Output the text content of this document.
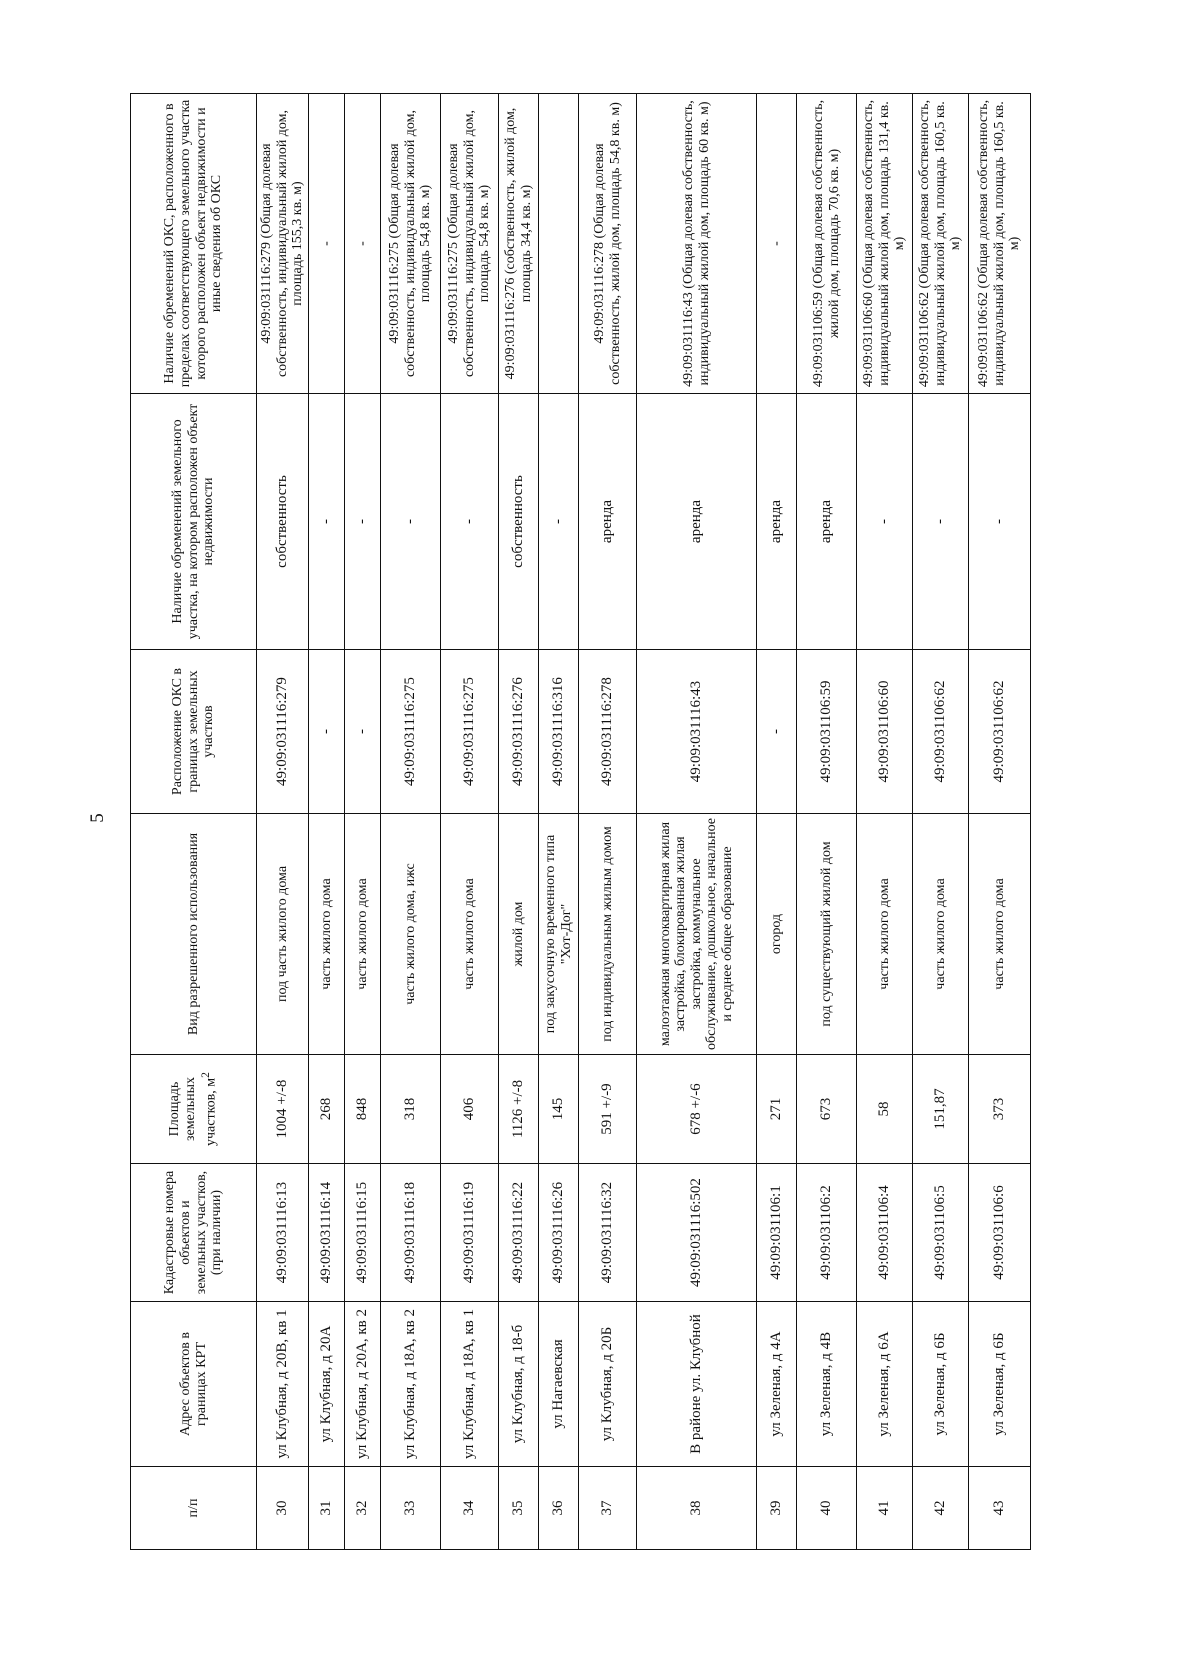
5
п/п	Адрес объектов в границах КРТ	Кадастровые номера объектов и земельных участков, (при наличии)	Площадь земельных участков, $м^2$	Вид разрешенного использования	Расположение ОКС в границах земельных участков	Наличие обременений земельного участка, на котором расположен объект недвижимости	Наличие обременений ОКС, расположенного в пределах соответствующего земельного участка которого расположен объект недвижимости и иные сведения об ОКС
30	ул Клубная, д 20В, кв 1	49:09:031116:13	1004 +/-8	под часть жилого дома	49:09:031116:279	собственность	49:09:031116:279 (Общая долевая собственность, индивидуальный жилой дом, площадь 155,3 кв. м)
31	ул Клубная, д 20А	49:09:031116:14	268	часть жилого дома	-	-	-
32	ул Клубная, д 20А, кв 2	49:09:031116:15	848	часть жилого дома	-	-	-
33	ул Клубная, д 18А, кв 2	49:09:031116:18	318	часть жилого дома, ижс	49:09:031116:275	-	49:09:031116:275 (Общая долевая собственность, индивидуальный жилой дом, площадь 54,8 кв. м)
34	ул Клубная, д 18А, кв 1	49:09:031116:19	406	часть жилого дома	49:09:031116:275	-	49:09:031116:275 (Общая долевая собственность, индивидуальный жилой дом, площадь 54,8 кв. м)
35	ул Клубная, д 18-б	49:09:031116:22	1126 +/-8	жилой дом	49:09:031116:276	собственность	49:09:031116:276 (собственность, жилой дом, площадь 34,4 кв. м)
36	ул Нагаевская	49:09:031116:26	145	под закусочную временного типа "Хот-Дог"	49:09:031116:316	-	
37	ул Клубная, д 20Б	49:09:031116:32	591 +/-9	под индивидуальным жилым домом	49:09:031116:278	аренда	49:09:031116:278 (Общая долевая собственность, жилой дом, площадь 54,8 кв. м)
38	В районе ул. Клубной	49:09:031116:502	678 +/-6	малоэтажная многоквартирная жилая застройка, блокированная жилая застройка, коммунальное обслуживание, дошкольное, начальное и среднее общее образование	49:09:031116:43	аренда	49:09:031116:43 (Общая долевая собственность, индивидуальный жилой дом, площадь 60 кв. м)
39	ул Зеленая, д 4А	49:09:031106:1	271	огород	-	аренда	-
40	ул Зеленая, д 4В	49:09:031106:2	673	под существующий жилой дом	49:09:031106:59	аренда	49:09:031106:59 (Общая долевая собственность, жилой дом, площадь 70,6 кв. м)
41	ул Зеленая, д 6А	49:09:031106:4	58	часть жилого дома	49:09:031106:60	-	49:09:031106:60 (Общая долевая собственность, индивидуальный жилой дом, площадь 131,4 кв. м)
42	ул Зеленая, д 6Б	49:09:031106:5	151,87	часть жилого дома	49:09:031106:62	-	49:09:031106:62 (Общая долевая собственность, индивидуальный жилой дом, площадь 160,5 кв. м)
43	ул Зеленая, д 6Б	49:09:031106:6	373	часть жилого дома	49:09:031106:62	-	49:09:031106:62 (Общая долевая собственность, индивидуальный жилой дом, площадь 160,5 кв. м)
